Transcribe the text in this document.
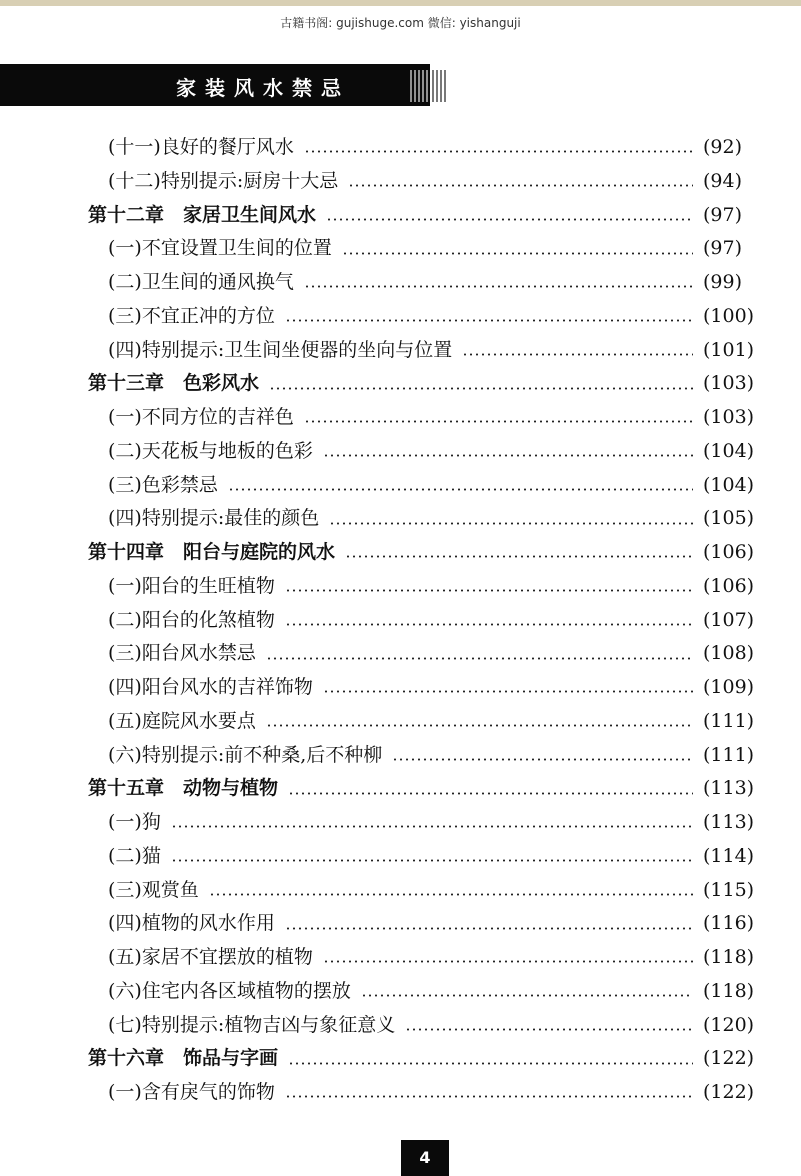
古籍书阁: gujishuge.com 微信: yishanguji
家装风水禁忌
(十一)良好的餐厅风水	(92)
(十二)特别提示:厨房十大忌	(94)
第十二章　家居卫生间风水	(97)
(一)不宜设置卫生间的位置	(97)
(二)卫生间的通风换气	(99)
(三)不宜正冲的方位	(100)
(四)特别提示:卫生间坐便器的坐向与位置	(101)
第十三章　色彩风水	(103)
(一)不同方位的吉祥色	(103)
(二)天花板与地板的色彩	(104)
(三)色彩禁忌	(104)
(四)特别提示:最佳的颜色	(105)
第十四章　阳台与庭院的风水	(106)
(一)阳台的生旺植物	(106)
(二)阳台的化煞植物	(107)
(三)阳台风水禁忌	(108)
(四)阳台风水的吉祥饰物	(109)
(五)庭院风水要点	(111)
(六)特别提示:前不种桑,后不种柳	(111)
第十五章　动物与植物	(113)
(一)狗	(113)
(二)猫	(114)
(三)观赏鱼	(115)
(四)植物的风水作用	(116)
(五)家居不宜摆放的植物	(118)
(六)住宅内各区域植物的摆放	(118)
(七)特别提示:植物吉凶与象征意义	(120)
第十六章　饰品与字画	(122)
(一)含有戾气的饰物	(122)
4
